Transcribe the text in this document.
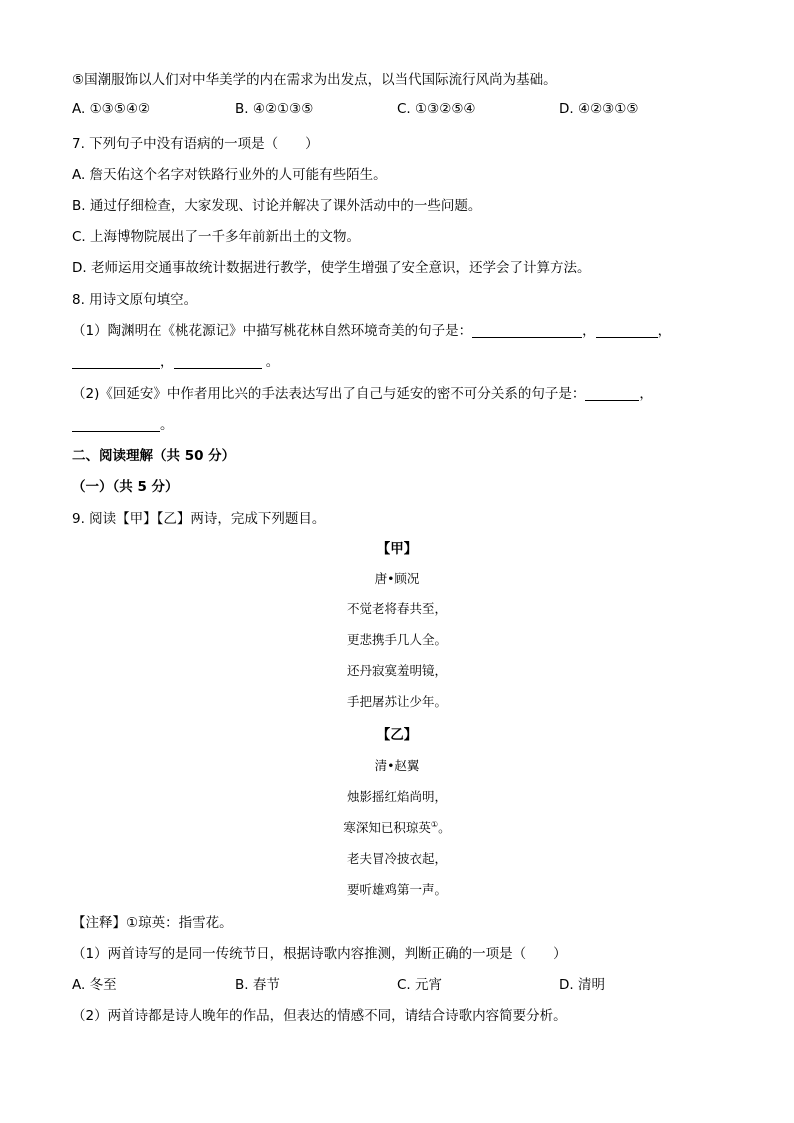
⑤国潮服饰以人们对中华美学的内在需求为出发点，以当代国际流行风尚为基础。
A. ①③⑤④②	B. ④②①③⑤	C. ①③②⑤④	D. ④②③①⑤
7. 下列句子中没有语病的一项是（　　）
A. 詹天佑这个名字对铁路行业外的人可能有些陌生。
B. 通过仔细检查，大家发现、讨论并解决了课外活动中的一些问题。
C. 上海博物院展出了一千多年前新出土的文物。
D. 老师运用交通事故统计数据进行教学，使学生增强了安全意识，还学会了计算方法。
8. 用诗文原句填空。
（1）陶渊明在《桃花源记》中描写桃花林自然环境奇美的句子是：	，	，
，	。
（2)《回延安》中作者用比兴的手法表达写出了自己与延安的密不可分关系的句子是：	，
。
二、阅读理解（共 50 分）
（一）（共 5 分）
9. 阅读【甲】【乙】两诗，完成下列题目。
【甲】
唐•顾况
不觉老将春共至，
更悲携手几人全。
还丹寂寞羞明镜，
手把屠苏让少年。
【乙】
清•赵翼
烛影摇红焰尚明，
寒深知已积琼英①。
老夫冒冷披衣起，
要听雄鸡第一声。
【注释】①琼英：指雪花。
（1）两首诗写的是同一传统节日，根据诗歌内容推测，判断正确的一项是（　　）
A. 冬至	B. 春节	C. 元宵	D. 清明
（2）两首诗都是诗人晚年的作品，但表达的情感不同，请结合诗歌内容简要分析。
